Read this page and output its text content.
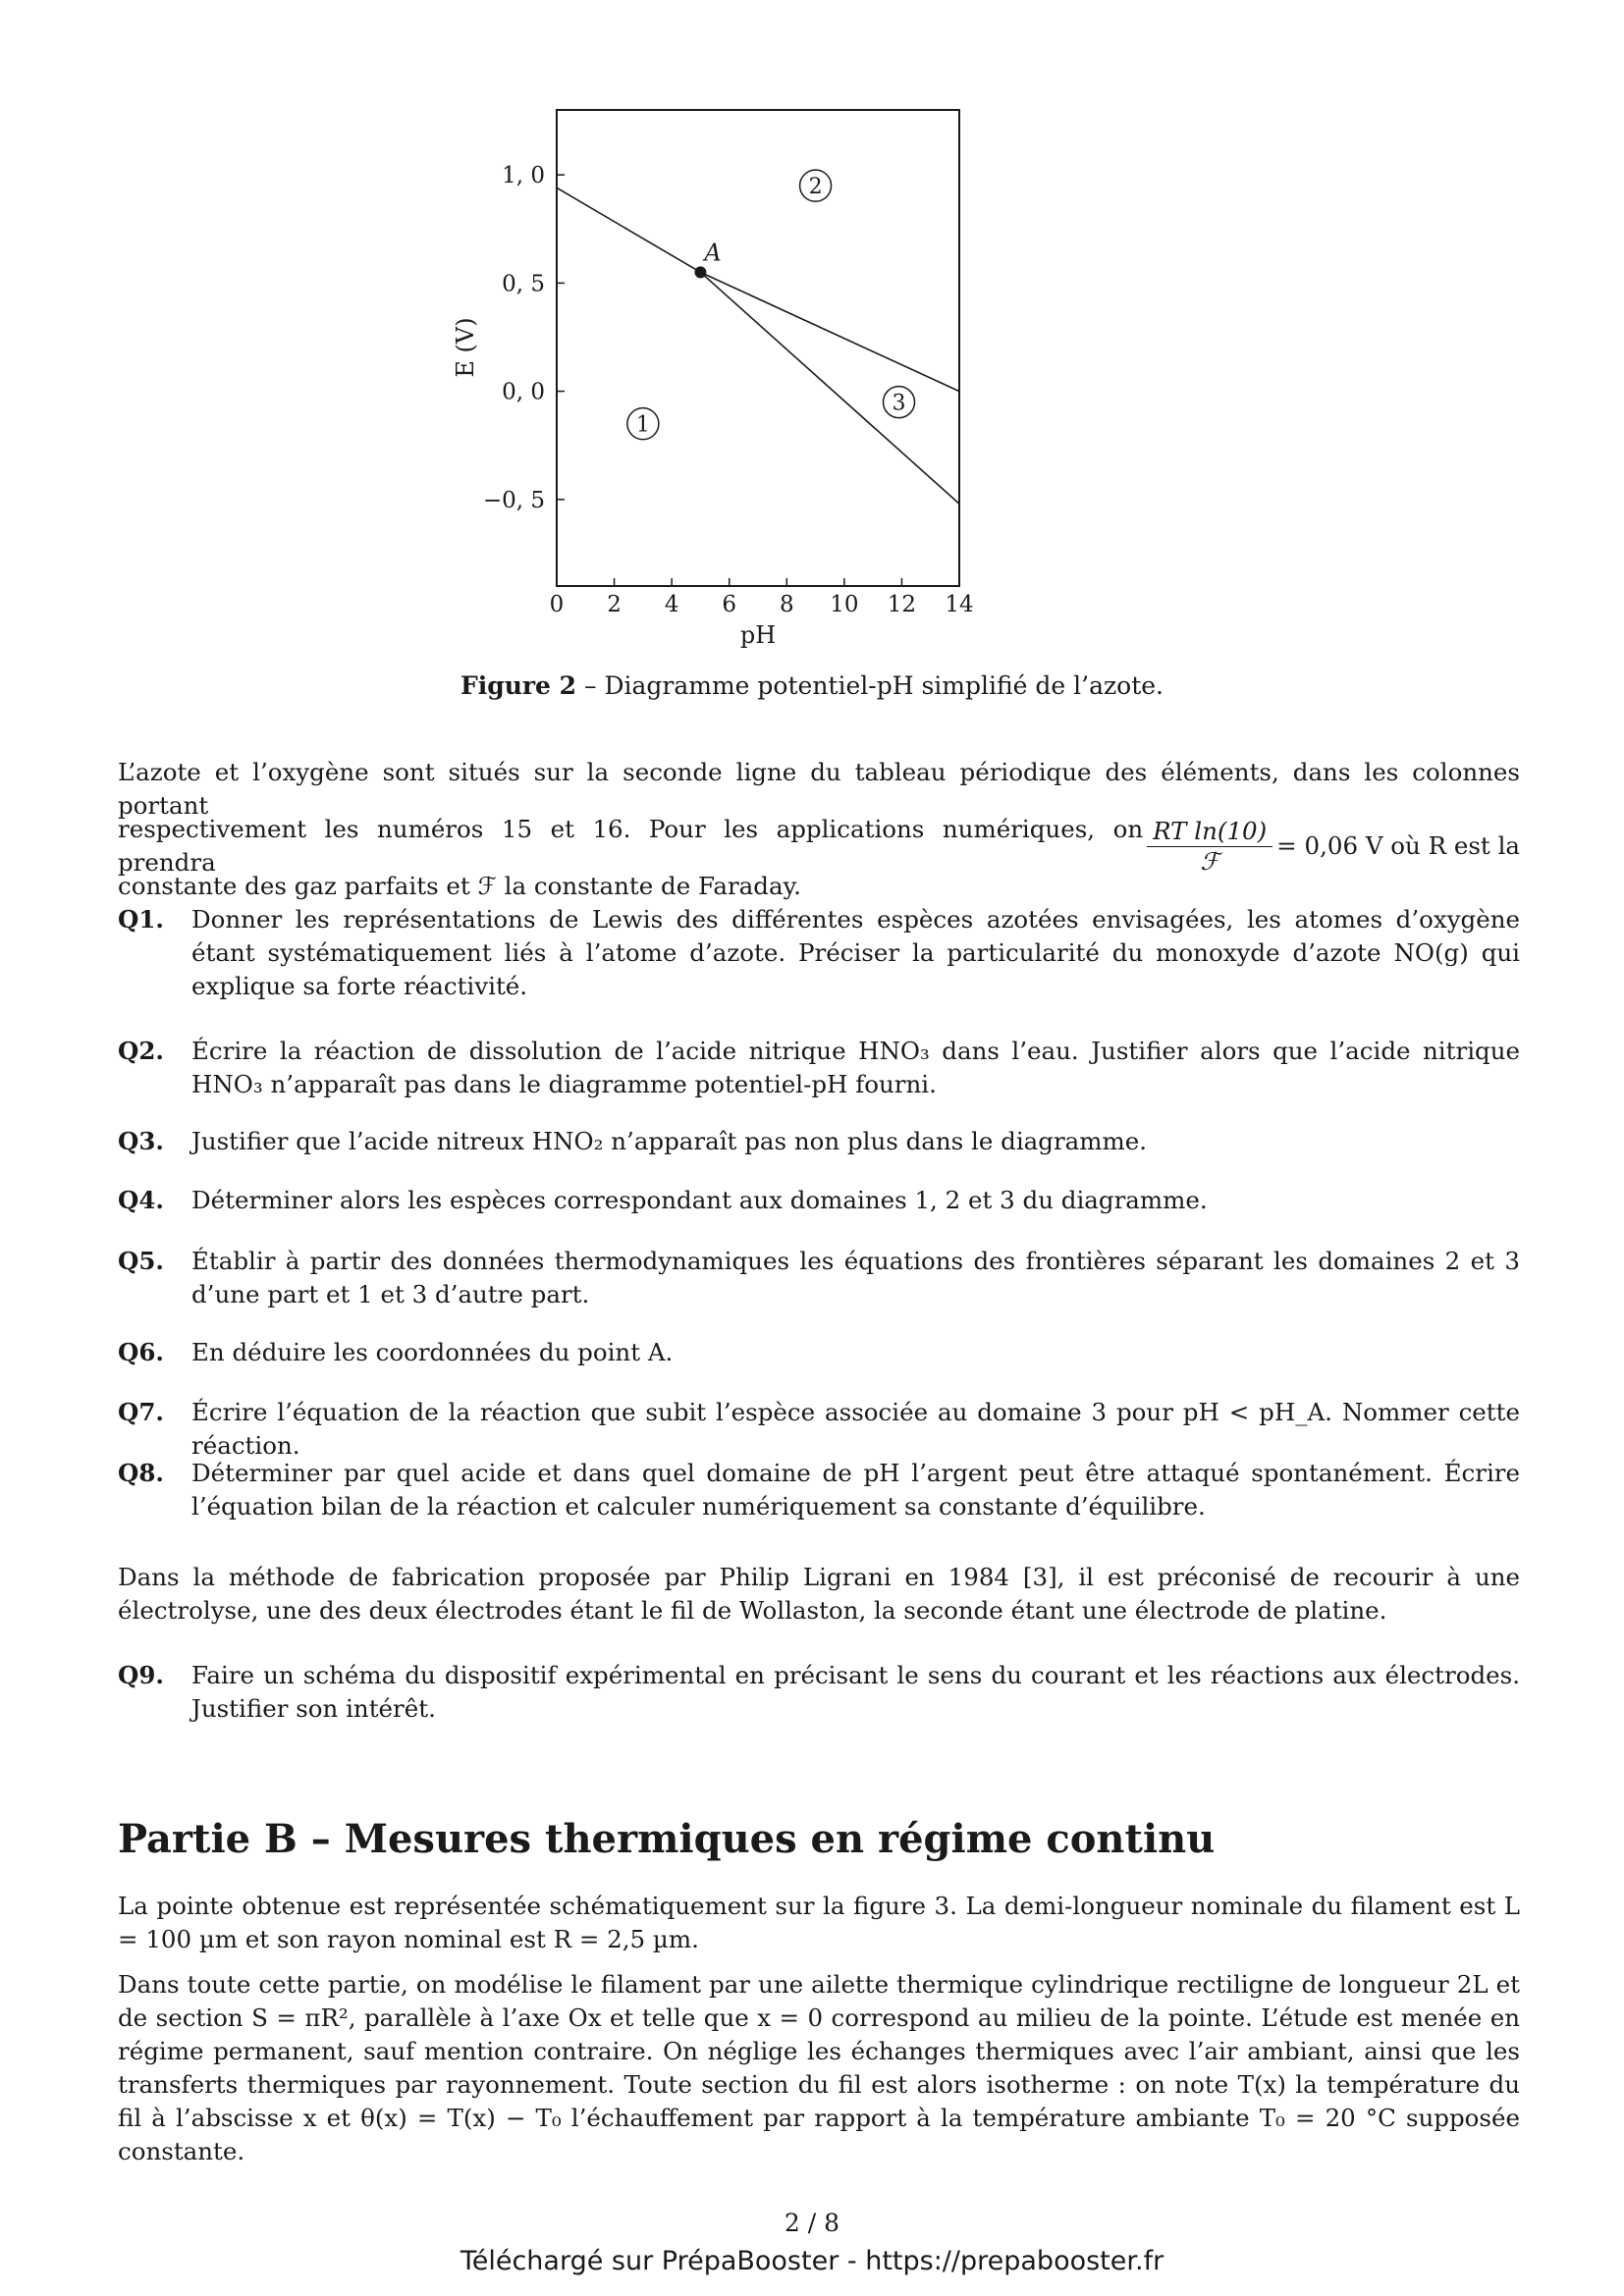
0 2 4 6 8 10 12 14
1, 0
0, 5
0, 0
−0, 5
1
2
3
A
pH
E (V)
Figure 2 – Diagramme potentiel-pH simplifié de l’azote.
L’azote et l’oxygène sont situés sur la seconde ligne du tableau périodique des éléments, dans les colonnes portant
respectivement les numéros 15 et 16. Pour les applications numériques, on prendra	$\frac{\text{RT ln(10)}}{\text{ℱ}} = 0,06$ V où R est la
constante des gaz parfaits et ℱ la constante de Faraday.
Q1. Donner les représentations de Lewis des différentes espèces azotées envisagées, les atomes d’oxygène étant systématiquement liés à l’atome d’azote. Préciser la particularité du monoxyde d’azote NO(g) qui explique sa forte réactivité.
Q2. Écrire la réaction de dissolution de l’acide nitrique HNO₃ dans l’eau. Justifier alors que l’acide nitrique HNO₃ n’apparaît pas dans le diagramme potentiel-pH fourni.
Q3. Justifier que l’acide nitreux HNO₂ n’apparaît pas non plus dans le diagramme.
Q4. Déterminer alors les espèces correspondant aux domaines 1, 2 et 3 du diagramme.
Q5. Établir à partir des données thermodynamiques les équations des frontières séparant les domaines 2 et 3 d’une part et 1 et 3 d’autre part.
Q6. En déduire les coordonnées du point A.
Q7. Écrire l’équation de la réaction que subit l’espèce associée au domaine 3 pour pH < pH_A. Nommer cette réaction.
Q8. Déterminer par quel acide et dans quel domaine de pH l’argent peut être attaqué spontanément. Écrire l’équation bilan de la réaction et calculer numériquement sa constante d’équilibre.
Dans la méthode de fabrication proposée par Philip Ligrani en 1984 [3], il est préconisé de recourir à une électrolyse, une des deux électrodes étant le fil de Wollaston, la seconde étant une électrode de platine.
Q9. Faire un schéma du dispositif expérimental en précisant le sens du courant et les réactions aux électrodes. Justifier son intérêt.
Partie B – Mesures thermiques en régime continu
La pointe obtenue est représentée schématiquement sur la figure 3. La demi-longueur nominale du filament est L = 100 µm et son rayon nominal est R = 2,5 µm.
Dans toute cette partie, on modélise le filament par une ailette thermique cylindrique rectiligne de longueur 2L et de section S = πR², parallèle à l’axe Ox et telle que x = 0 correspond au milieu de la pointe. L’étude est menée en régime permanent, sauf mention contraire. On néglige les échanges thermiques avec l’air ambiant, ainsi que les transferts thermiques par rayonnement. Toute section du fil est alors isotherme : on note T(x) la température du fil à l’abscisse x et θ(x) = T(x) − T₀ l’échauffement par rapport à la température ambiante T₀ = 20 °C supposée constante.
2 / 8
Téléchargé sur PrépaBooster - https://prepabooster.fr
